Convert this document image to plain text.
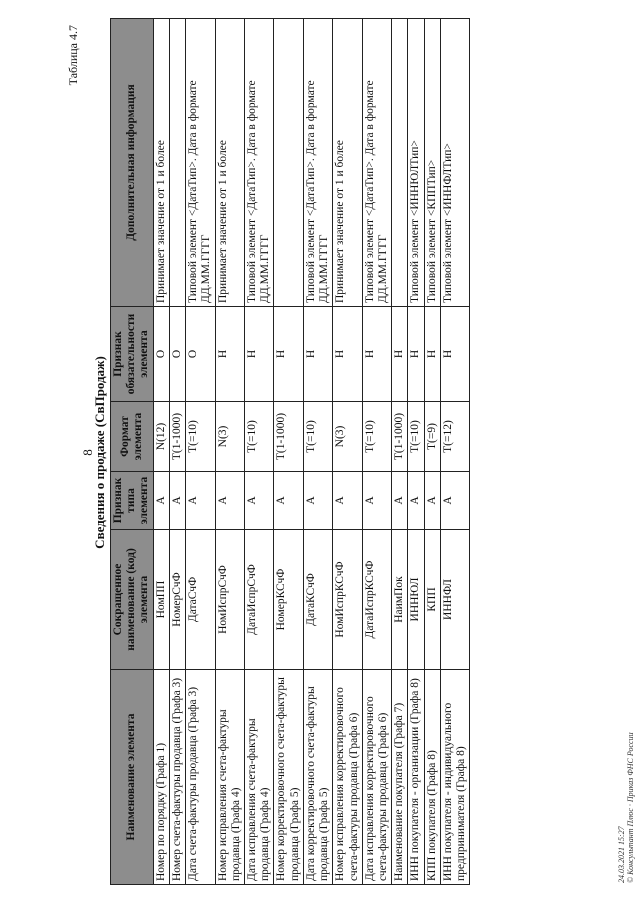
Таблица 4.7
8
Сведения о продаже (СвПродаж)
Наименование элемента	Сокращенное наименование (код) элемента	Признак типа элемента	Формат элемента	Признак обязательности элемента	Дополнительная информация
Номер по порядку (Графа 1)	НомПП	А	N(12)	О	Принимает значение от 1 и более
Номер счета-фактуры продавца (Графа 3)	НомерСчФ	А	T(1-1000)	О	
Дата счета-фактуры продавца (Графа 3)	ДатаСчФ	А	T(=10)	О	Типовой элемент <ДатаТип>. Дата в формате ДД.ММ.ГГГГ
Номер исправления счета-фактуры продавца (Графа 4)	НомИспрСчФ	А	N(3)	Н	Принимает значение от 1 и более
Дата исправления счета-фактуры продавца (Графа 4)	ДатаИспрСчФ	А	T(=10)	Н	Типовой элемент <ДатаТип>. Дата в формате ДД.ММ.ГГГГ
Номер корректировочного счета-фактуры продавца (Графа 5)	НомерКСчФ	А	T(1-1000)	Н	
Дата корректировочного счета-фактуры продавца (Графа 5)	ДатаКСчФ	А	T(=10)	Н	Типовой элемент <ДатаТип>. Дата в формате ДД.ММ.ГГГГ
Номер исправления корректировочного счета-фактуры продавца (Графа 6)	НомИспрКСчФ	А	N(3)	Н	Принимает значение от 1 и более
Дата исправления корректировочного счета-фактуры продавца (Графа 6)	ДатаИспрКСчФ	А	T(=10)	Н	Типовой элемент <ДатаТип>. Дата в формате ДД.ММ.ГГГГ
Наименование покупателя (Графа 7)	НаимПок	А	T(1-1000)	Н	
ИНН покупателя - организации (Графа 8)	ИННЮЛ	А	T(=10)	Н	Типовой элемент <ИННЮЛТип>
КПП покупателя (Графа 8)	КПП	А	T(=9)	Н	Типовой элемент <КППТип>
ИНН покупателя - индивидуального предпринимателя (Графа 8)	ИННФЛ	А	T(=12)	Н	Типовой элемент <ИННФЛТип>
24.03.2021 15:27 © Консультант Плюс · Приказ ФНС России
